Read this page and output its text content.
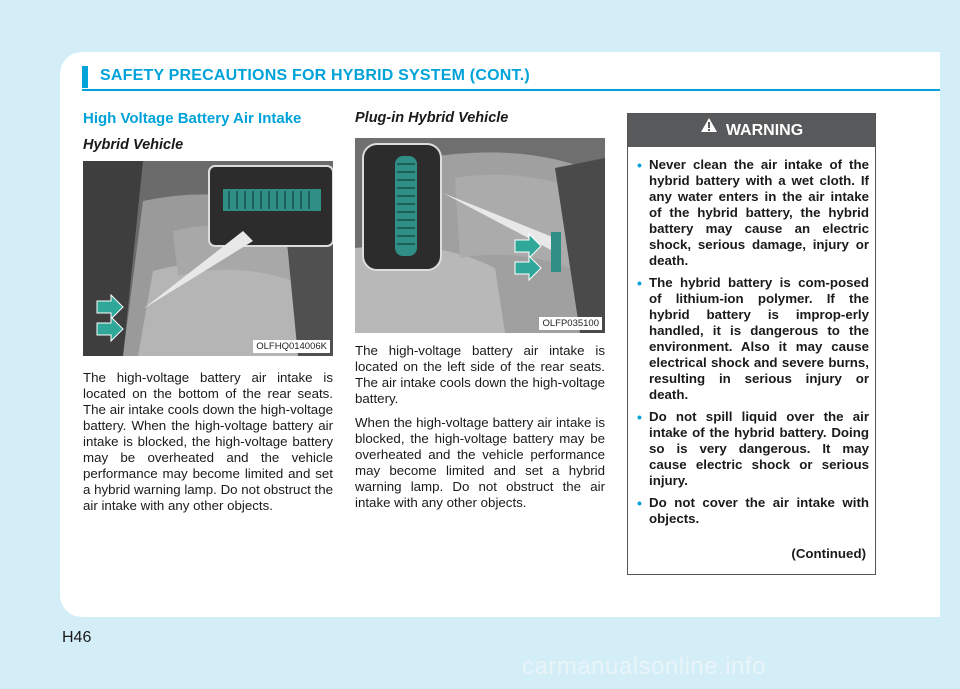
SAFETY PRECAUTIONS FOR HYBRID SYSTEM (CONT.)
High Voltage Battery Air Intake
Hybrid Vehicle
OLFHQ014006K

The high-voltage battery air intake is located on the bottom of the rear seats. The air intake cools down the high-voltage battery. When the high-voltage battery air intake is blocked, the high-voltage battery may be overheated and the vehicle performance may become limited and set a hybrid warning lamp. Do not obstruct the air intake with any other objects.

Plug-in Hybrid Vehicle
OLFP035100

The high-voltage battery air intake is located on the left side of the rear seats. The air intake cools down the high-voltage battery.

When the high-voltage battery air intake is blocked, the high-voltage battery may be overheated and the vehicle performance may become limited and set a hybrid warning lamp. Do not obstruct the air intake with any other objects.

WARNING
• Never clean the air intake of the hybrid battery with a wet cloth. If any water enters in the air intake of the hybrid battery, the hybrid battery may cause an electric shock, serious damage, injury or death.
• The hybrid battery is com-posed of lithium-ion polymer. If the hybrid battery is improp-erly handled, it is dangerous to the environment. Also it may cause electrical shock and severe burns, resulting in serious injury or death.
• Do not spill liquid over the air intake of the hybrid battery. Doing so is very dangerous. It may cause electric shock or serious injury.
• Do not cover the air intake with objects.
(Continued)
H46
carmanualsonline.info
